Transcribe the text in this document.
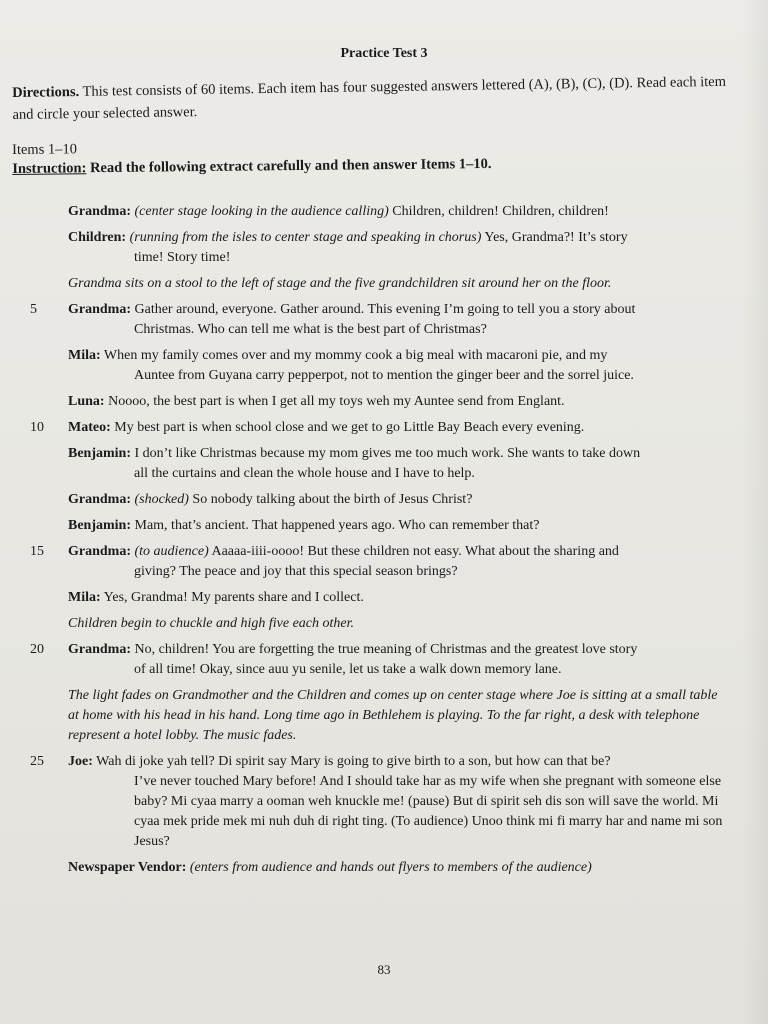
Practice Test 3
Directions. This test consists of 60 items. Each item has four suggested answers lettered (A), (B), (C), (D). Read each item and circle your selected answer.
Items 1–10
Instruction: Read the following extract carefully and then answer Items 1–10.
Grandma: (center stage looking in the audience calling) Children, children! Children, children!
Children: (running from the isles to center stage and speaking in chorus) Yes, Grandma?! It’s story
time! Story time!
Grandma sits on a stool to the left of stage and the five grandchildren sit around her on the floor.
5	Grandma: Gather around, everyone. Gather around. This evening I’m going to tell you a story about
Christmas. Who can tell me what is the best part of Christmas?
Mila: When my family comes over and my mommy cook a big meal with macaroni pie, and my
Auntee from Guyana carry pepperpot, not to mention the ginger beer and the sorrel juice.
Luna: Noooo, the best part is when I get all my toys weh my Auntee send from Englant.
10	Mateo: My best part is when school close and we get to go Little Bay Beach every evening.
Benjamin: I don’t like Christmas because my mom gives me too much work. She wants to take down
all the curtains and clean the whole house and I have to help.
Grandma: (shocked) So nobody talking about the birth of Jesus Christ?
Benjamin: Mam, that’s ancient. That happened years ago. Who can remember that?
15	Grandma: (to audience) Aaaaa-iiii-oooo! But these children not easy. What about the sharing and
giving? The peace and joy that this special season brings?
Mila: Yes, Grandma! My parents share and I collect.
Children begin to chuckle and high five each other.
20	Grandma: No, children! You are forgetting the true meaning of Christmas and the greatest love story
of all time! Okay, since auu yu senile, let us take a walk down memory lane.
The light fades on Grandmother and the Children and comes up on center stage where Joe is sitting at a small table at home with his head in his hand. Long time ago in Bethlehem is playing. To the far right, a desk with telephone represent a hotel lobby. The music fades.
25	Joe: Wah di joke yah tell? Di spirit say Mary is going to give birth to a son, but how can that be?
I’ve never touched Mary before! And I should take har as my wife when she pregnant with someone else baby? Mi cyaa marry a ooman weh knuckle me! (pause) But di spirit seh dis son will save the world. Mi cyaa mek pride mek mi nuh duh di right ting. (To audience) Unoo think mi fi marry har and name mi son Jesus?
Newspaper Vendor: (enters from audience and hands out flyers to members of the audience)
83
